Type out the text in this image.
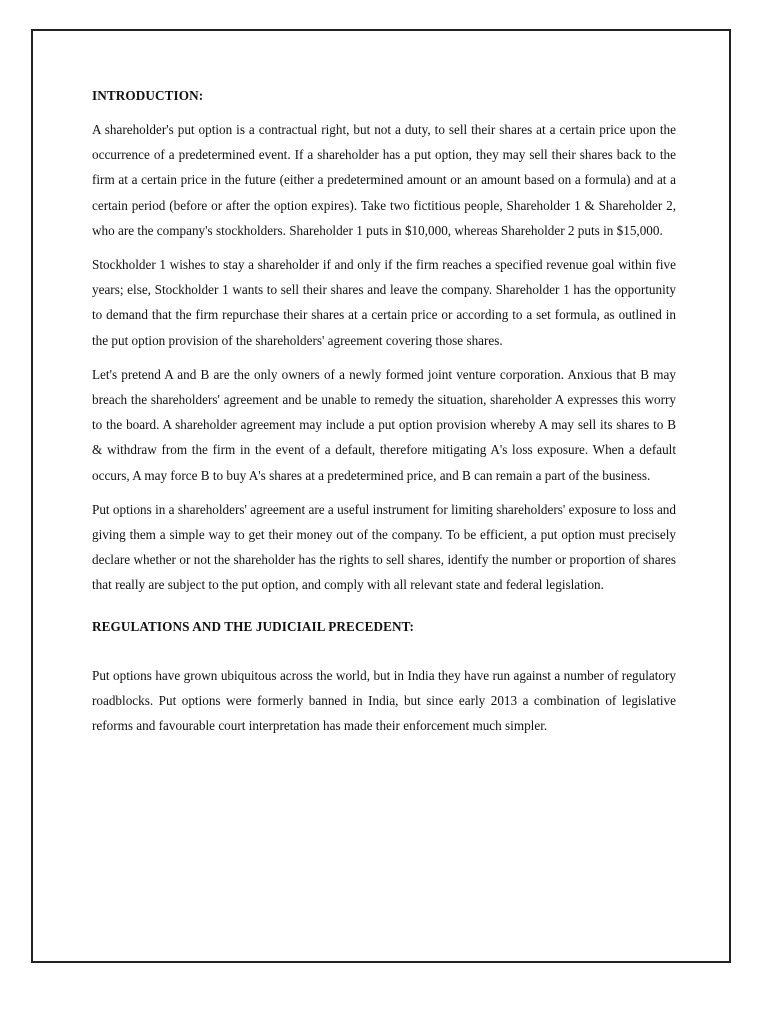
INTRODUCTION:

A shareholder's put option is a contractual right, but not a duty, to sell their shares at a certain price upon the occurrence of a predetermined event. If a shareholder has a put option, they may sell their shares back to the firm at a certain price in the future (either a predetermined amount or an amount based on a formula) and at a certain period (before or after the option expires). Take two fictitious people, Shareholder 1 & Shareholder 2, who are the company's stockholders. Shareholder 1 puts in $10,000, whereas Shareholder 2 puts in $15,000.

Stockholder 1 wishes to stay a shareholder if and only if the firm reaches a specified revenue goal within five years; else, Stockholder 1 wants to sell their shares and leave the company. Shareholder 1 has the opportunity to demand that the firm repurchase their shares at a certain price or according to a set formula, as outlined in the put option provision of the shareholders' agreement covering those shares.

Let's pretend A and B are the only owners of a newly formed joint venture corporation. Anxious that B may breach the shareholders' agreement and be unable to remedy the situation, shareholder A expresses this worry to the board. A shareholder agreement may include a put option provision whereby A may sell its shares to B & withdraw from the firm in the event of a default, therefore mitigating A's loss exposure. When a default occurs, A may force B to buy A's shares at a predetermined price, and B can remain a part of the business.

Put options in a shareholders' agreement are a useful instrument for limiting shareholders' exposure to loss and giving them a simple way to get their money out of the company. To be efficient, a put option must precisely declare whether or not the shareholder has the rights to sell shares, identify the number or proportion of shares that really are subject to the put option, and comply with all relevant state and federal legislation.

REGULATIONS AND THE JUDICIAIL PRECEDENT:

Put options have grown ubiquitous across the world, but in India they have run against a number of regulatory roadblocks. Put options were formerly banned in India, but since early 2013 a combination of legislative reforms and favourable court interpretation has made their enforcement much simpler.
